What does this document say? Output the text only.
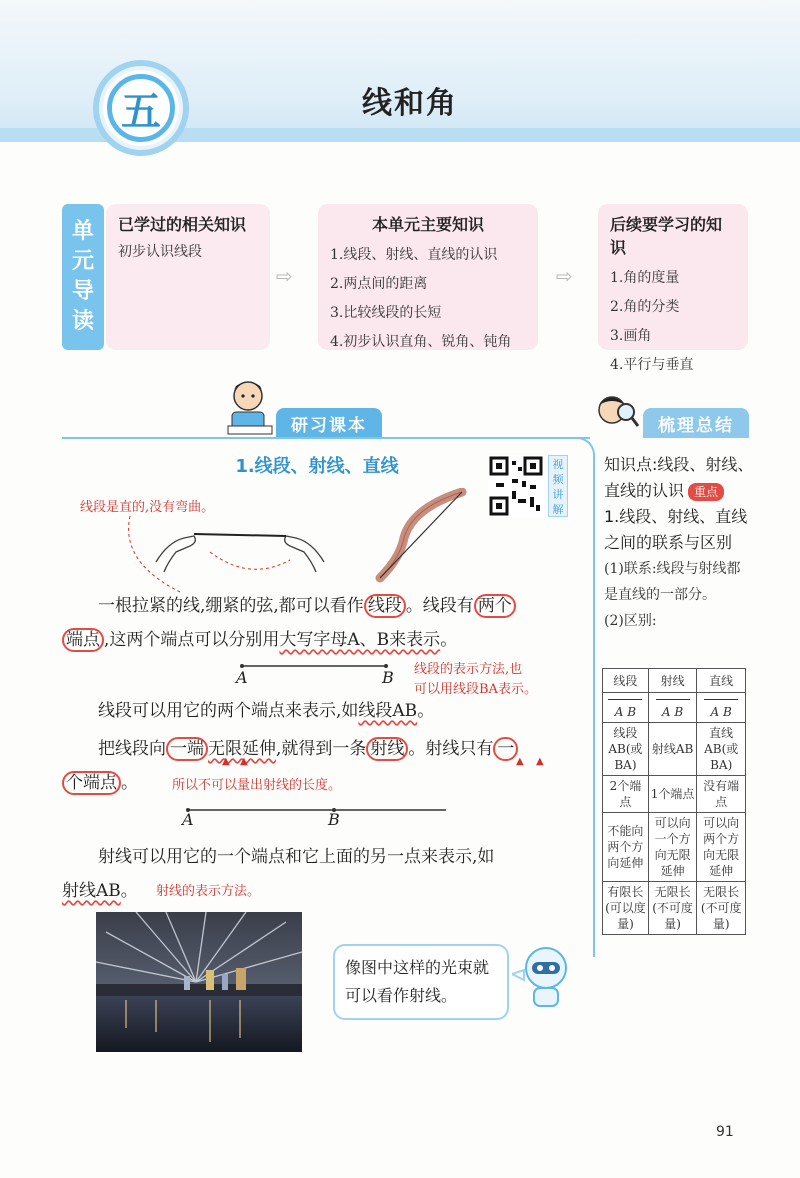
五	线和角
单
元
导
读
已学过的相关知识
初步认识线段
⇨
本单元主要知识
1.线段、射线、直线的认识
2.两点间的距离
3.比较线段的长短
4.初步认识直角、锐角、钝角
⇨
后续要学习的知识
1.角的度量
2.角的分类
3.画角
4.平行与垂直
研习课本	梳理总结
1.线段、射线、直线	视频讲解
线段是直的,没有弯曲。
一根拉紧的线,绷紧的弦,都可以看作 线段 。线段有 两个
端点 ,这两个端点可以分别用大写字母A、B来表示。
A	B 线段的表示方法,也
可以用线段BA表示。
线段可以用它的两个端点来表示,如线段AB。
把线段向 一端 无限延伸,就得到一条 射线 。射线只有 一
个端点 。
▲ ▲	▲ ▲
所以不可以量出射线的长度。
A	B
射线可以用它的一个端点和它上面的另一点来表示,如
射线AB。	射线的表示方法。
像图中这样的光束就可以看作射线。
知识点:线段、射线、直线的认识 重点
1.线段、射线、直线之间的联系与区别
(1)联系:线段与射线都是直线的一部分。
(2)区别:
线段	射线	直线

A B	A B	A B
线段AB(或BA)	射线AB	直线AB(或BA)
2个端点	1个端点	没有端点
不能向两个方向延伸	可以向一个方向无限延伸	可以向两个方向无限延伸
有限长(可以度量)	无限长(不可度量)	无限长(不可度量)
91
